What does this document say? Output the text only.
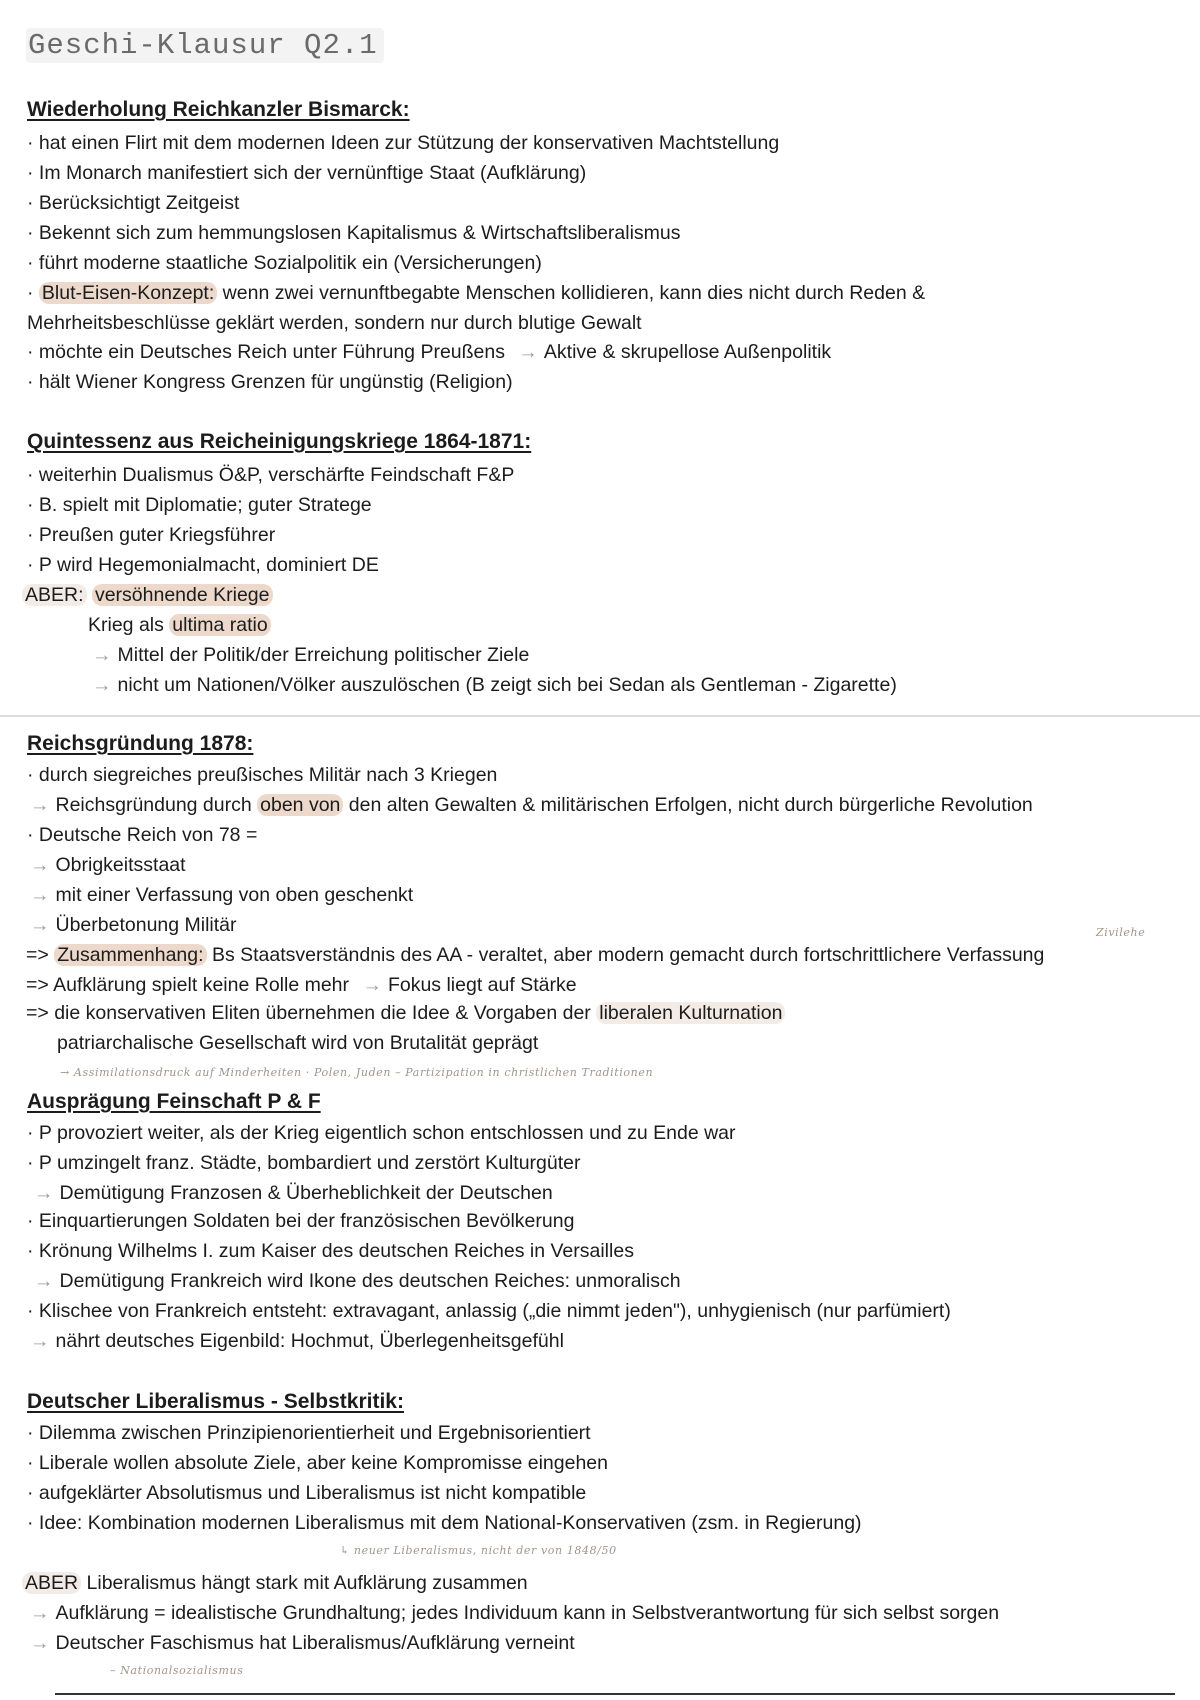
Geschi-Klausur Q2.1
Wiederholung Reichkanzler Bismarck:
· hat einen Flirt mit dem modernen Ideen zur Stützung der konservativen Machtstellung
· Im Monarch manifestiert sich der vernünftige Staat (Aufklärung)
· Berücksichtigt Zeitgeist
· Bekennt sich zum hemmungslosen Kapitalismus & Wirtschaftsliberalismus
· führt moderne staatliche Sozialpolitik ein (Versicherungen)
· Blut-Eisen-Konzept: wenn zwei vernunftbegabte Menschen kollidieren, kann dies nicht durch Reden &
Mehrheitsbeschlüsse geklärt werden, sondern nur durch blutige Gewalt
· möchte ein Deutsches Reich unter Führung Preußens → Aktive & skrupellose Außenpolitik
· hält Wiener Kongress Grenzen für ungünstig (Religion)
Quintessenz aus Reicheinigungskriege 1864-1871:
· weiterhin Dualismus Ö&P, verschärfte Feindschaft F&P
· B. spielt mit Diplomatie; guter Stratege
· Preußen guter Kriegsführer
· P wird Hegemonialmacht, dominiert DE
ABER: versöhnende Kriege
Krieg als ultima ratio
→ Mittel der Politik/der Erreichung politischer Ziele
→ nicht um Nationen/Völker auszulöschen (B zeigt sich bei Sedan als Gentleman - Zigarette)
Reichsgründung 1878:
· durch siegreiches preußisches Militär nach 3 Kriegen
→ Reichsgründung durch oben von den alten Gewalten & militärischen Erfolgen, nicht durch bürgerliche Revolution
· Deutsche Reich von 78 =
→ Obrigkeitsstaat
→ mit einer Verfassung von oben geschenkt
→ Überbetonung Militär	Zivilehe
=> Zusammenhang: Bs Staatsverständnis des AA - veraltet, aber modern gemacht durch fortschrittlichere Verfassung
=> Aufklärung spielt keine Rolle mehr → Fokus liegt auf Stärke
=> die konservativen Eliten übernehmen die Idee & Vorgaben der liberalen Kulturnation
patriarchalische Gesellschaft wird von Brutalität geprägt
→ Assimilationsdruck auf Minderheiten · Polen, Juden – Partizipation in christlichen Traditionen
Ausprägung Feinschaft P & F
· P provoziert weiter, als der Krieg eigentlich schon entschlossen und zu Ende war
· P umzingelt franz. Städte, bombardiert und zerstört Kulturgüter
→ Demütigung Franzosen & Überheblichkeit der Deutschen
· Einquartierungen Soldaten bei der französischen Bevölkerung
· Krönung Wilhelms I. zum Kaiser des deutschen Reiches in Versailles
→ Demütigung Frankreich wird Ikone des deutschen Reiches: unmoralisch
· Klischee von Frankreich entsteht: extravagant, anlassig („die nimmt jeden"), unhygienisch (nur parfümiert)
→ nährt deutsches Eigenbild: Hochmut, Überlegenheitsgefühl
Deutscher Liberalismus - Selbstkritik:
· Dilemma zwischen Prinzipienorientierheit und Ergebnisorientiert
· Liberale wollen absolute Ziele, aber keine Kompromisse eingehen
· aufgeklärter Absolutismus und Liberalismus ist nicht kompatible
· Idee: Kombination modernen Liberalismus mit dem National-Konservativen (zsm. in Regierung)
↳ neuer Liberalismus, nicht der von 1848/50
ABER Liberalismus hängt stark mit Aufklärung zusammen
→ Aufklärung = idealistische Grundhaltung; jedes Individuum kann in Selbstverantwortung für sich selbst sorgen
→ Deutscher Faschismus hat Liberalismus/Aufklärung verneint
– Nationalsozialismus
